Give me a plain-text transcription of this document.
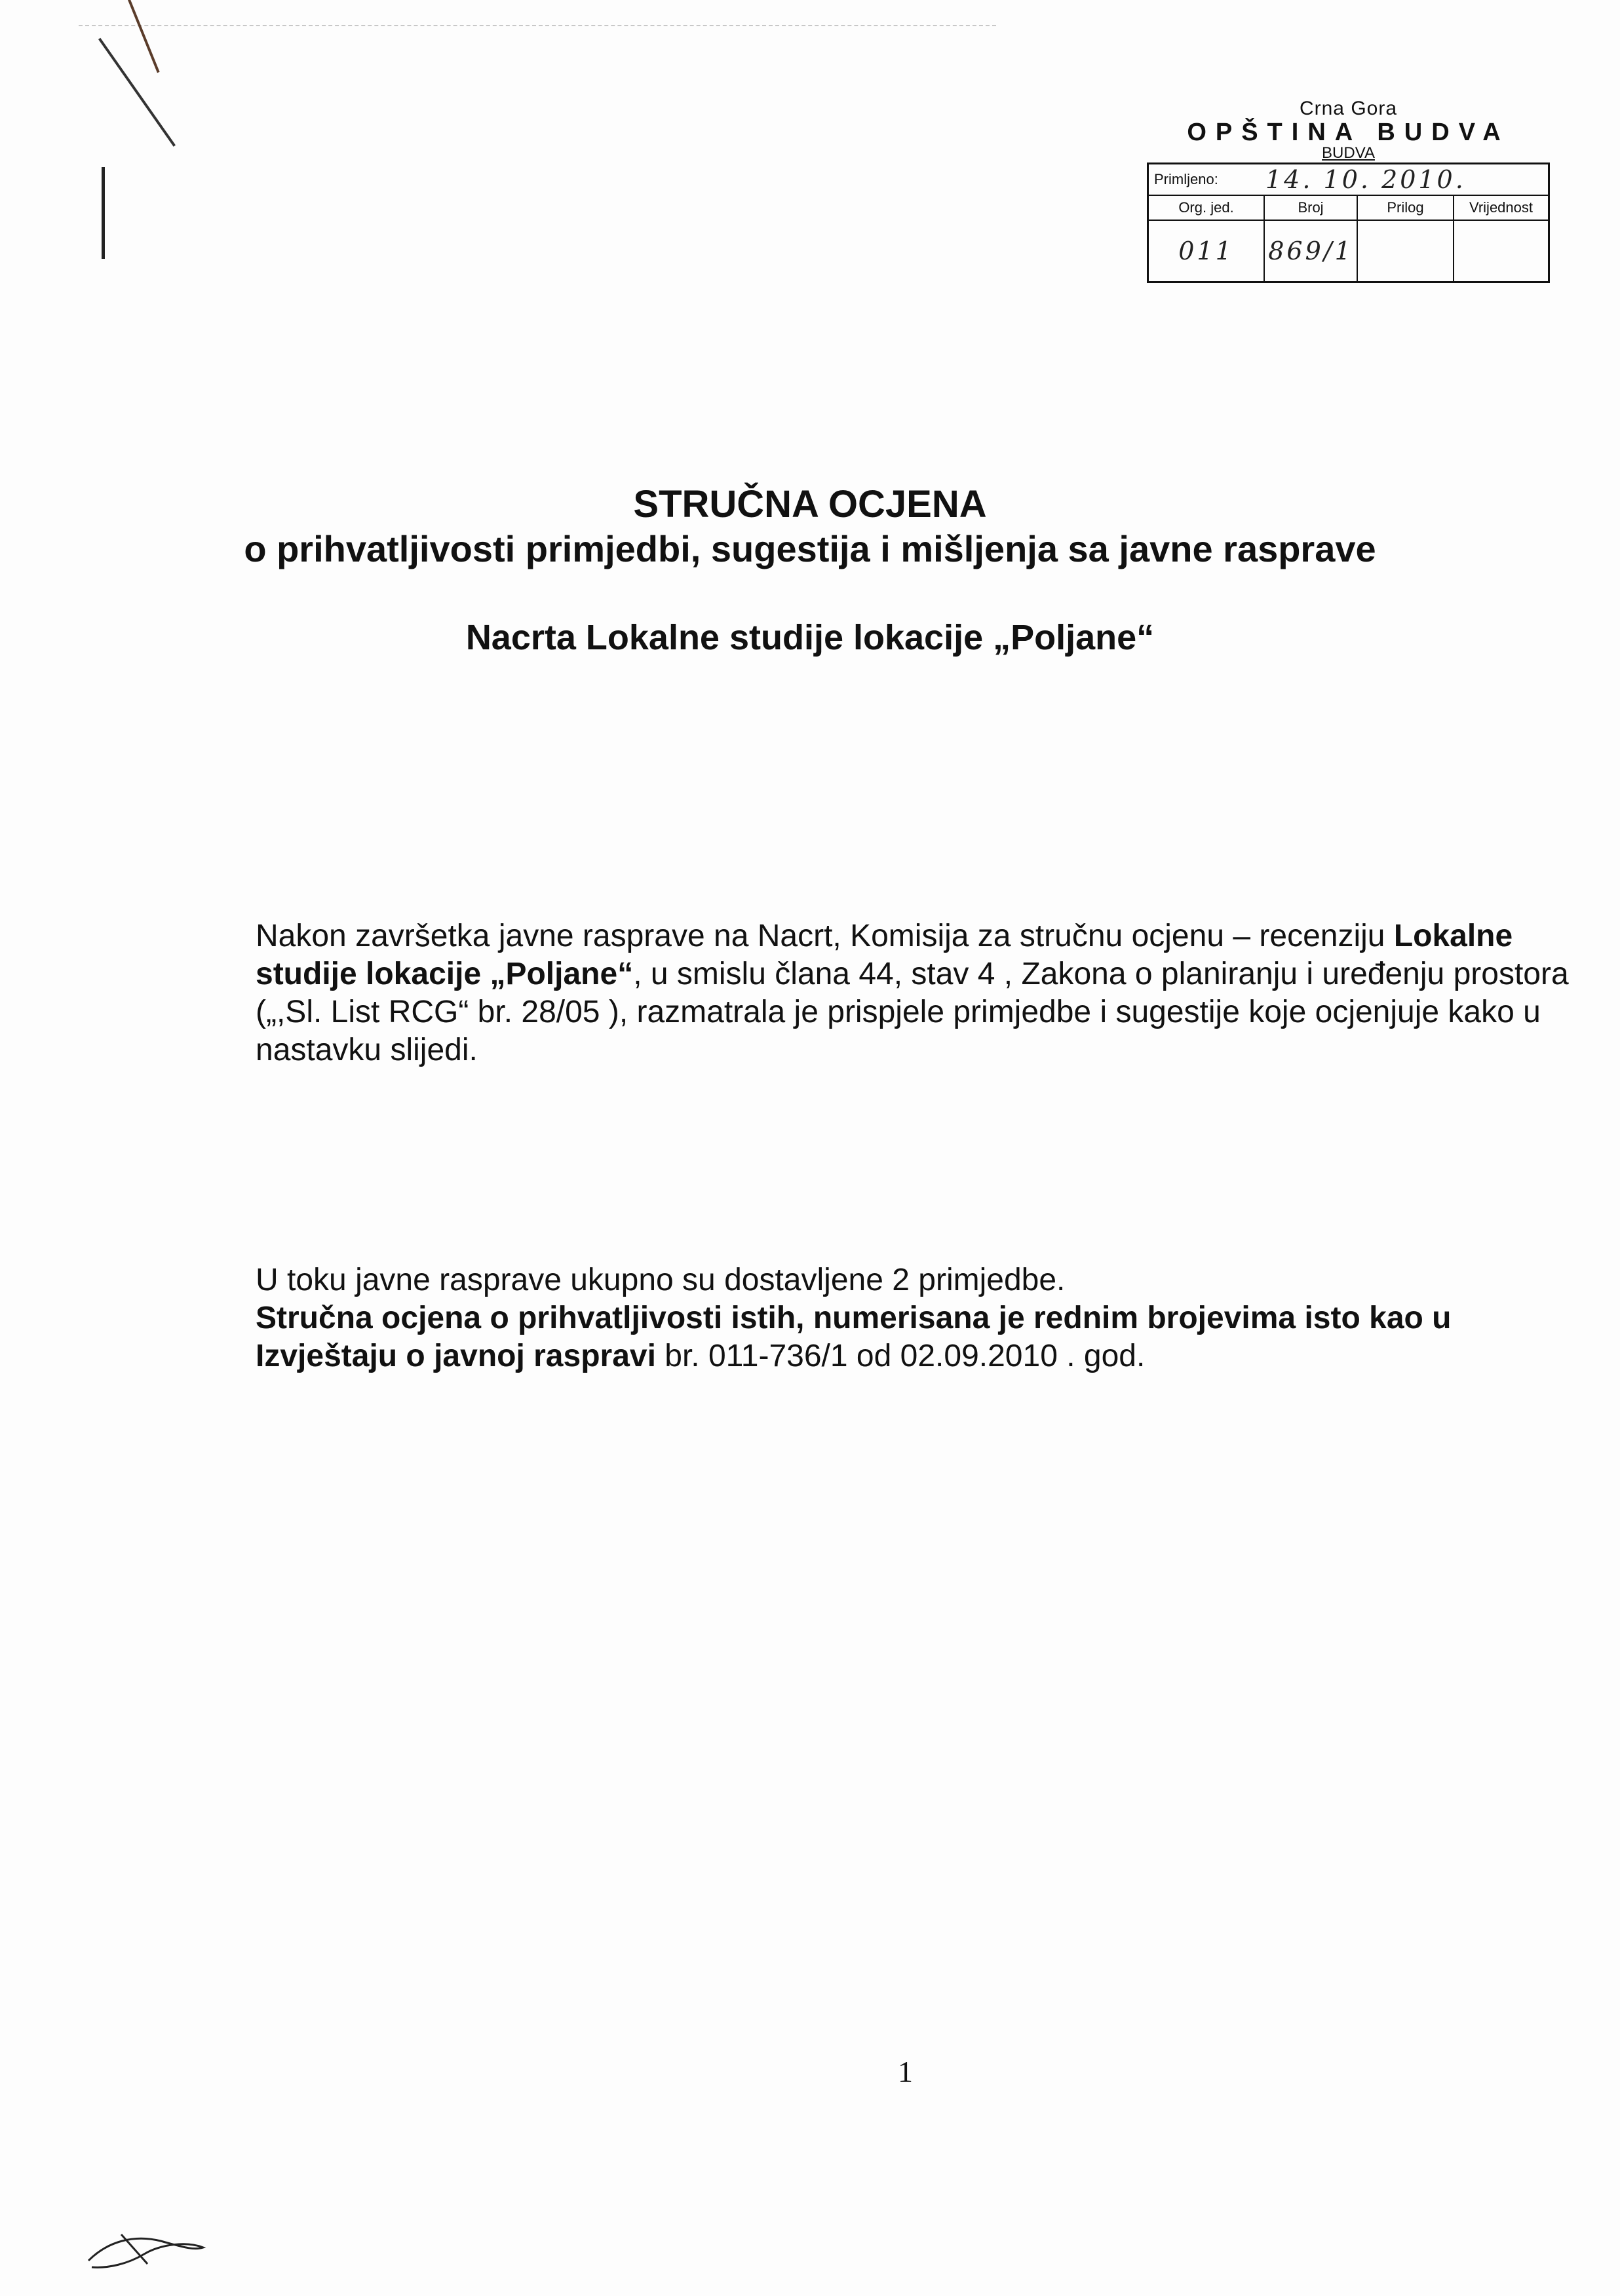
Crna Gora
OPŠTINA BUDVA
BUDVA
Primljeno:	14. 10. 2010.
Org. jed.	Broj	Prilog	Vrijednost
011	869/1
STRUČNA OCJENA
o prihvatljivosti primjedbi, sugestija i mišljenja sa javne rasprave
Nacrta Lokalne studije lokacije „Poljane“
Nakon završetka javne rasprave na Nacrt, Komisija za stručnu ocjenu – recenziju Lokalne studije lokacije „Poljane“, u smislu člana 44, stav 4 , Zakona o planiranju i uređenju prostora („,Sl. List RCG“ br. 28/05 ), razmatrala je prispjele primjedbe i sugestije koje ocjenjuje kako u nastavku slijedi.
U toku javne rasprave ukupno su dostavljene 2 primjedbe.
Stručna ocjena o prihvatljivosti istih, numerisana je rednim brojevima isto kao u Izvještaju o javnoj raspravi br. 011-736/1 od 02.09.2010 . god.
1
